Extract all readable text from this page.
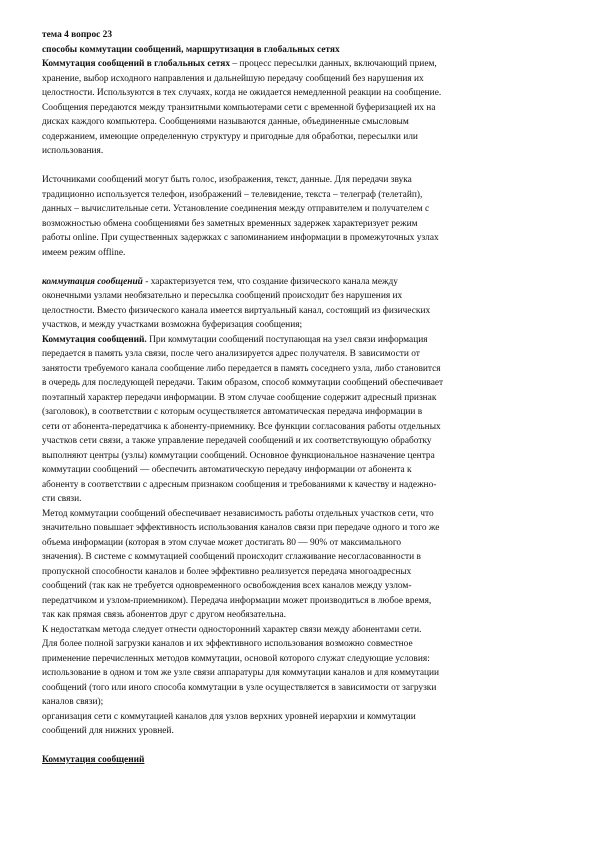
тема 4 вопрос 23
способы коммутации сообщений, маршрутизация в глобальных сетях
Коммутация сообщений в глобальных сетях – процесс пересылки данных, включающий прием,
хранение, выбор исходного направления и дальнейшую передачу сообщений без нарушения их
целостности. Используются в тех случаях, когда не ожидается немедленной реакции на сообщение.
Сообщения передаются между транзитными компьютерами сети с временной буферизацией их на
дисках каждого компьютера. Сообщениями называются данные, объединенные смысловым
содержанием, имеющие определенную структуру и пригодные для обработки, пересылки или
использования.
Источниками сообщений могут быть голос, изображения, текст, данные. Для передачи звука
традиционно используется телефон, изображений – телевидение, текста – телеграф (телетайп),
данных – вычислительные сети. Установление соединения между отправителем и получателем с
возможностью обмена сообщениями без заметных временных задержек характеризует режим
работы online. При существенных задержках с запоминанием информации в промежуточных узлах
имеем режим offline.
коммутация сообщений - характеризуется тем, что создание физического канала между
оконечными узлами необязательно и пересылка сообщений происходит без нарушения их
целостности. Вместо физического канала имеется виртуальный канал, состоящий из физических
участков, и между участками возможна буферизация сообщения;
Коммутация сообщений. При коммутации сообщений поступающая на узел связи информация
передается в память узла связи, после чего анализируется адрес получателя. В зависимости от
занятости требуемого канала сообщение либо передается в память соседнего узла, либо становится
в очередь для последующей передачи. Таким образом, способ коммутации сообщений обеспечивает
поэтапный характер передачи информации. В этом случае сообщение содержит адресный признак
(заголовок), в соответствии с которым осуществляется автоматическая передача информации в
сети от абонента-передатчика к абоненту-приемнику. Все функции согласования работы отдельных
участков сети связи, а также управление передачей сообщений и их соответствующую обработку
выполняют центры (узлы) коммутации сообщений. Основное функциональное назначение центра
коммутации сообщений — обеспечить автоматическую передачу информации от абонента к
абоненту в соответствии с адресным признаком сообщения и требованиями к качеству и надежно-
сти связи.
Метод коммутации сообщений обеспечивает независимость работы отдельных участков сети, что
значительно повышает эффективность использования каналов связи при передаче одного и того же
объема информации (которая в этом случае может достигать 80 — 90% от максимального
значения). В системе с коммутацией сообщений происходит сглаживание несогласованности в
пропускной способности каналов и более эффективно реализуется передача многоадресных
сообщений (так как не требуется одновременного освобождения всех каналов между узлом-
передатчиком и узлом-приемником). Передача информации может производиться в любое время,
так как прямая связь абонентов друг с другом необязательна.
К недостаткам метода следует отнести односторонний характер связи между абонентами сети.
Для более полной загрузки каналов и их эффективного использования возможно совместное
применение перечисленных методов коммутации, основой которого служат следующие условия:
использование в одном и том же узле связи аппаратуры для коммутации каналов и для коммутации
сообщений (того или иного способа коммутации в узле осуществляется в зависимости от загрузки
каналов связи);
организация сети с коммутацией каналов для узлов верхних уровней иерархии и коммутации
сообщений для нижних уровней.
Коммутация сообщений
